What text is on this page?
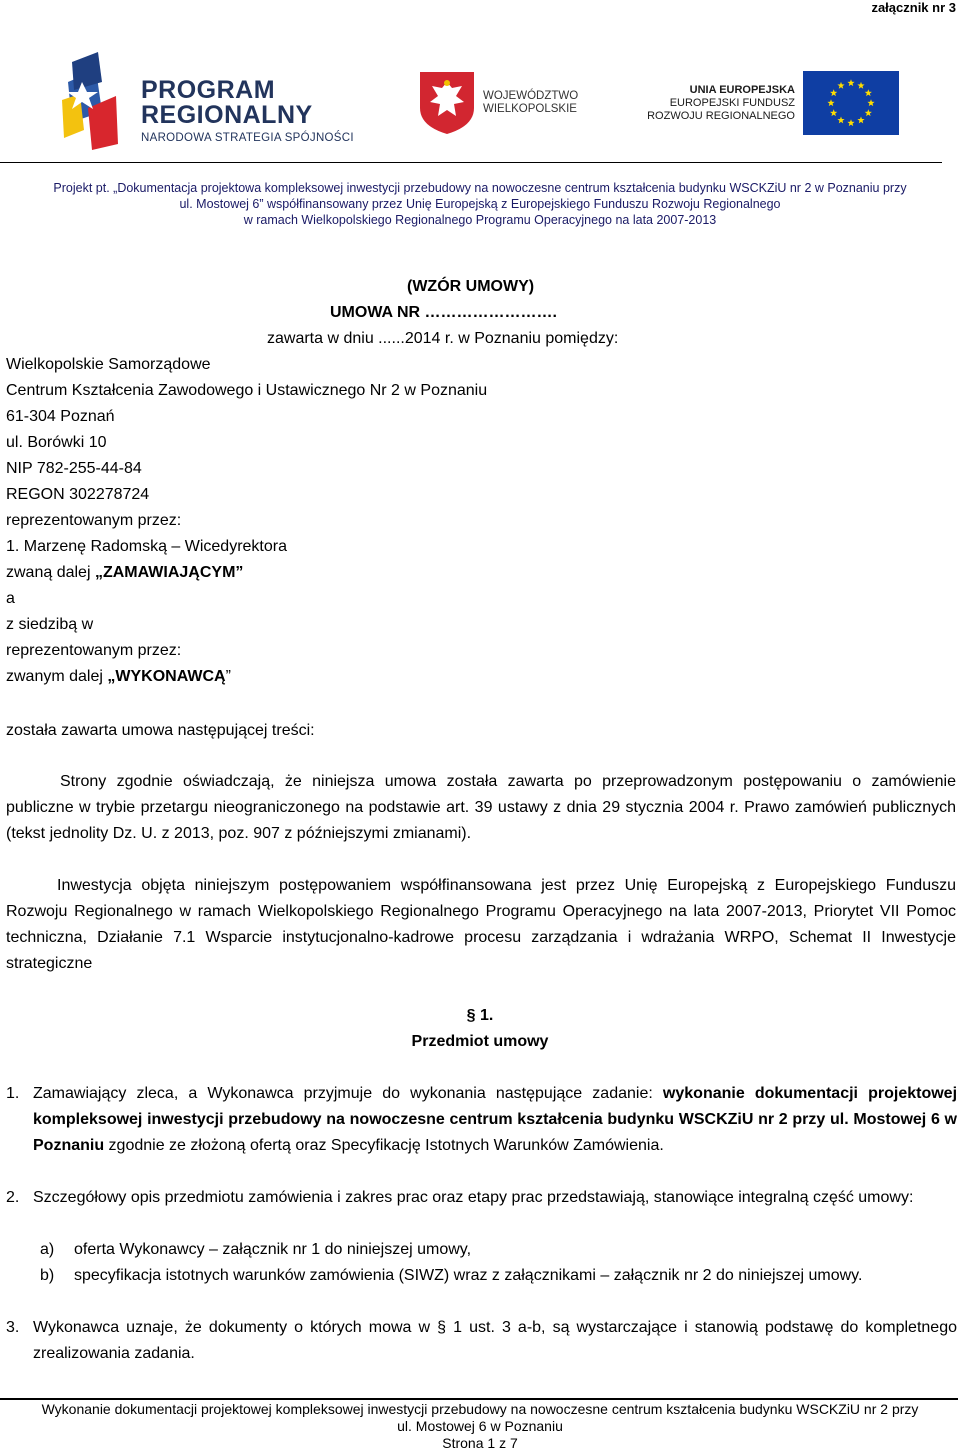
załącznik nr 3
PROGRAM
REGIONALNY
NARODOWA STRATEGIA SPÓJNOŚCI
WOJEWÓDZTWO
WIELKOPOLSKIE
UNIA EUROPEJSKA
EUROPEJSKI FUNDUSZ
ROZWOJU REGIONALNEGO
Projekt pt. „Dokumentacja projektowa kompleksowej inwestycji przebudowy na nowoczesne centrum kształcenia budynku WSCKZiU nr 2 w Poznaniu przy
ul. Mostowej 6” współfinansowany przez Unię Europejską z Europejskiego Funduszu Rozwoju Regionalnego
w ramach Wielkopolskiego Regionalnego Programu Operacyjnego na lata 2007-2013
(WZÓR UMOWY)
UMOWA NR …………………….
zawarta w dniu ......2014 r. w Poznaniu pomiędzy:
Wielkopolskie Samorządowe
Centrum Kształcenia Zawodowego i Ustawicznego Nr 2 w Poznaniu
61-304 Poznań
ul. Borówki 10
NIP 782-255-44-84
REGON 302278724
reprezentowanym przez:
1. Marzenę Radomską – Wicedyrektora
zwaną dalej „ZAMAWIAJĄCYM”
a
z siedzibą w
reprezentowanym przez:
zwanym dalej „WYKONAWCĄ”
została zawarta umowa następującej treści:
Strony zgodnie oświadczają, że niniejsza umowa została zawarta po przeprowadzonym postępowaniu o zamówienie publiczne w trybie przetargu nieograniczonego na podstawie art. 39 ustawy z dnia 29 stycznia 2004 r. Prawo zamówień publicznych (tekst jednolity Dz. U. z 2013, poz. 907 z późniejszymi zmianami).
Inwestycja objęta niniejszym postępowaniem współfinansowana jest przez Unię Europejską z Europejskiego Funduszu Rozwoju Regionalnego w ramach Wielkopolskiego Regionalnego Programu Operacyjnego na lata 2007-2013, Priorytet VII Pomoc techniczna, Działanie 7.1 Wsparcie instytucjonalno-kadrowe procesu zarządzania i wdrażania WRPO, Schemat II Inwestycje strategiczne
§ 1.
Przedmiot umowy
1. Zamawiający zleca, a Wykonawca przyjmuje do wykonania następujące zadanie: wykonanie dokumentacji projektowej kompleksowej inwestycji przebudowy na nowoczesne centrum kształcenia budynku WSCKZiU nr 2 przy ul. Mostowej 6 w Poznaniu zgodnie ze złożoną ofertą oraz Specyfikację Istotnych Warunków Zamówienia.
2. Szczegółowy opis przedmiotu zamówienia i zakres prac oraz etapy prac przedstawiają, stanowiące integralną część umowy:
a) oferta Wykonawcy – załącznik nr 1 do niniejszej umowy,
b) specyfikacja istotnych warunków zamówienia (SIWZ) wraz z załącznikami – załącznik nr 2 do niniejszej umowy.
3. Wykonawca uznaje, że dokumenty o których mowa w § 1 ust. 3 a-b, są wystarczające i stanowią podstawę do kompletnego zrealizowania zadania.
Wykonanie dokumentacji projektowej kompleksowej inwestycji przebudowy na nowoczesne centrum kształcenia budynku WSCKZiU nr 2 przy
ul. Mostowej 6 w Poznaniu
Strona 1 z 7
